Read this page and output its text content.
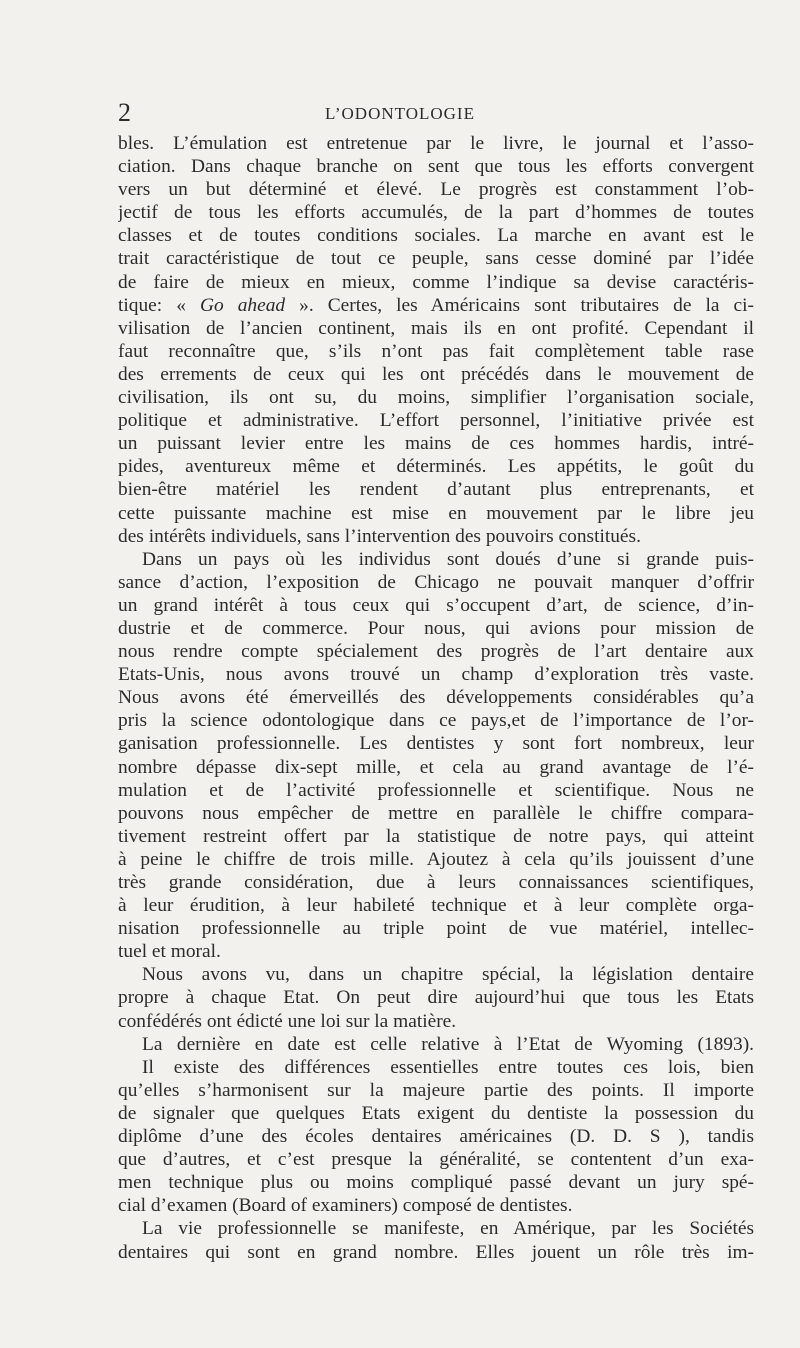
2	L’ODONTOLOGIE
bles. L’émulation est entretenue par le livre, le journal et l’asso-
ciation. Dans chaque branche on sent que tous les efforts convergent
vers un but déterminé et élevé. Le progrès est constamment l’ob-
jectif de tous les efforts accumulés, de la part d’hommes de toutes
classes et de toutes conditions sociales. La marche en avant est le
trait caractéristique de tout ce peuple, sans cesse dominé par l’idée
de faire de mieux en mieux, comme l’indique sa devise caractéris-
tique: « Go ahead ». Certes, les Américains sont tributaires de la ci-
vilisation de l’ancien continent, mais ils en ont profité. Cependant il
faut reconnaître que, s’ils n’ont pas fait complètement table rase
des errements de ceux qui les ont précédés dans le mouvement de
civilisation, ils ont su, du moins, simplifier l’organisation sociale,
politique et administrative. L’effort personnel, l’initiative privée est
un puissant levier entre les mains de ces hommes hardis, intré-
pides, aventureux même et déterminés. Les appétits, le goût du
bien-être matériel les rendent d’autant plus entreprenants, et
cette puissante machine est mise en mouvement par le libre jeu
des intérêts individuels, sans l’intervention des pouvoirs constitués.
Dans un pays où les individus sont doués d’une si grande puis-
sance d’action, l’exposition de Chicago ne pouvait manquer d’offrir
un grand intérêt à tous ceux qui s’occupent d’art, de science, d’in-
dustrie et de commerce. Pour nous, qui avions pour mission de
nous rendre compte spécialement des progrès de l’art dentaire aux
Etats-Unis, nous avons trouvé un champ d’exploration très vaste.
Nous avons été émerveillés des développements considérables qu’a
pris la science odontologique dans ce pays,et de l’importance de l’or-
ganisation professionnelle. Les dentistes y sont fort nombreux, leur
nombre dépasse dix-sept mille, et cela au grand avantage de l’é-
mulation et de l’activité professionnelle et scientifique. Nous ne
pouvons nous empêcher de mettre en parallèle le chiffre compara-
tivement restreint offert par la statistique de notre pays, qui atteint
à peine le chiffre de trois mille. Ajoutez à cela qu’ils jouissent d’une
très grande considération, due à leurs connaissances scientifiques,
à leur érudition, à leur habileté technique et à leur complète orga-
nisation professionnelle au triple point de vue matériel, intellec-
tuel et moral.
Nous avons vu, dans un chapitre spécial, la législation dentaire
propre à chaque Etat. On peut dire aujourd’hui que tous les Etats
confédérés ont édicté une loi sur la matière.
La dernière en date est celle relative à l’Etat de Wyoming (1893).
Il existe des différences essentielles entre toutes ces lois, bien
qu’elles s’harmonisent sur la majeure partie des points. Il importe
de signaler que quelques Etats exigent du dentiste la possession du
diplôme d’une des écoles dentaires américaines (D. D. S ), tandis
que d’autres, et c’est presque la généralité, se contentent d’un exa-
men technique plus ou moins compliqué passé devant un jury spé-
cial d’examen (Board of examiners) composé de dentistes.
La vie professionnelle se manifeste, en Amérique, par les Sociétés
dentaires qui sont en grand nombre. Elles jouent un rôle très im-
